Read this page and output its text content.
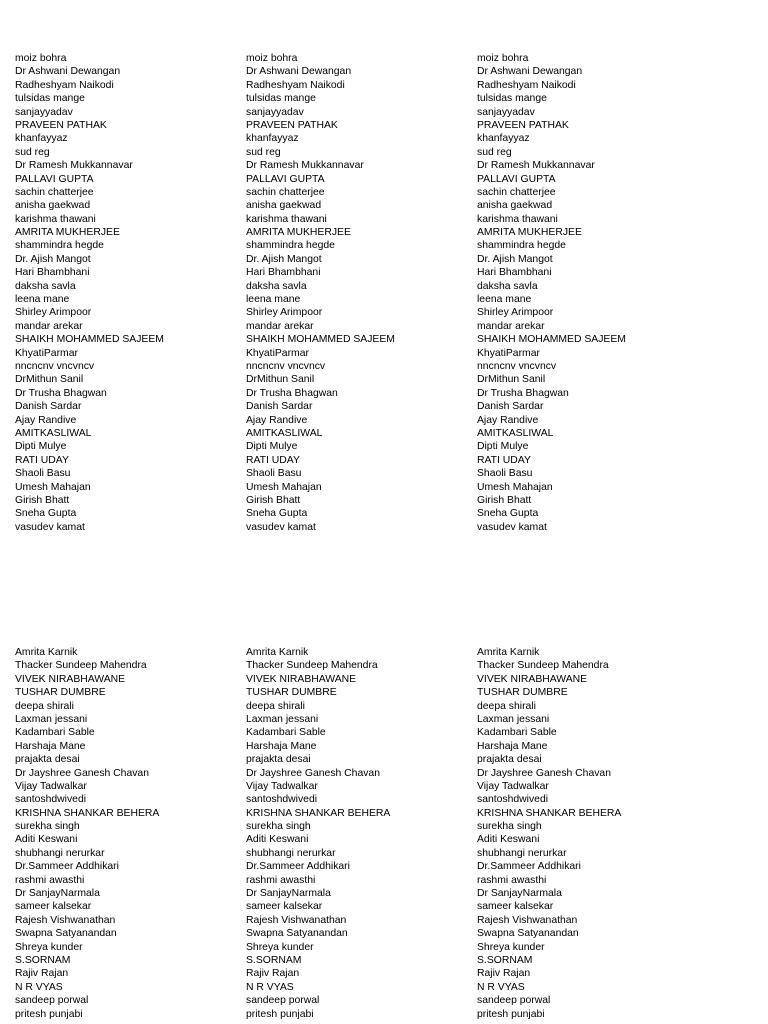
moiz bohra
Dr Ashwani Dewangan
Radheshyam Naikodi
tulsidas mange
sanjayyadav
PRAVEEN PATHAK
khanfayyaz
sud reg
Dr Ramesh Mukkannavar
PALLAVI GUPTA
sachin chatterjee
anisha gaekwad
karishma thawani
AMRITA MUKHERJEE
shammindra hegde
Dr. Ajish Mangot
Hari Bhambhani
daksha savla
leena mane
Shirley Arimpoor
mandar arekar
SHAIKH MOHAMMED SAJEEM
KhyatiParmar
nncncnv vncvncv
DrMithun Sanil
Dr Trusha Bhagwan
Danish Sardar
Ajay Randive
AMITKASLIWAL
Dipti Mulye
RATI UDAY
Shaoli Basu
Umesh Mahajan
Girish Bhatt
Sneha Gupta
vasudev kamat
moiz bohra
Dr Ashwani Dewangan
Radheshyam Naikodi
tulsidas mange
sanjayyadav
PRAVEEN PATHAK
khanfayyaz
sud reg
Dr Ramesh Mukkannavar
PALLAVI GUPTA
sachin chatterjee
anisha gaekwad
karishma thawani
AMRITA MUKHERJEE
shammindra hegde
Dr. Ajish Mangot
Hari Bhambhani
daksha savla
leena mane
Shirley Arimpoor
mandar arekar
SHAIKH MOHAMMED SAJEEM
KhyatiParmar
nncncnv vncvncv
DrMithun Sanil
Dr Trusha Bhagwan
Danish Sardar
Ajay Randive
AMITKASLIWAL
Dipti Mulye
RATI UDAY
Shaoli Basu
Umesh Mahajan
Girish Bhatt
Sneha Gupta
vasudev kamat
moiz bohra
Dr Ashwani Dewangan
Radheshyam Naikodi
tulsidas mange
sanjayyadav
PRAVEEN PATHAK
khanfayyaz
sud reg
Dr Ramesh Mukkannavar
PALLAVI GUPTA
sachin chatterjee
anisha gaekwad
karishma thawani
AMRITA MUKHERJEE
shammindra hegde
Dr. Ajish Mangot
Hari Bhambhani
daksha savla
leena mane
Shirley Arimpoor
mandar arekar
SHAIKH MOHAMMED SAJEEM
KhyatiParmar
nncncnv vncvncv
DrMithun Sanil
Dr Trusha Bhagwan
Danish Sardar
Ajay Randive
AMITKASLIWAL
Dipti Mulye
RATI UDAY
Shaoli Basu
Umesh Mahajan
Girish Bhatt
Sneha Gupta
vasudev kamat
Amrita Karnik
Thacker Sundeep Mahendra
VIVEK NIRABHAWANE
TUSHAR DUMBRE
deepa shirali
Laxman jessani
Kadambari Sable
Harshaja Mane
prajakta desai
Dr Jayshree Ganesh Chavan
Vijay Tadwalkar
santoshdwivedi
KRISHNA SHANKAR BEHERA
surekha singh
Aditi Keswani
shubhangi nerurkar
Dr.Sammeer Addhikari
rashmi awasthi
Dr SanjayNarmala
sameer kalsekar
Rajesh Vishwanathan
Swapna Satyanandan
Shreya kunder
S.SORNAM
Rajiv Rajan
N R VYAS
sandeep porwal
pritesh punjabi
Amrita Karnik
Thacker Sundeep Mahendra
VIVEK NIRABHAWANE
TUSHAR DUMBRE
deepa shirali
Laxman jessani
Kadambari Sable
Harshaja Mane
prajakta desai
Dr Jayshree Ganesh Chavan
Vijay Tadwalkar
santoshdwivedi
KRISHNA SHANKAR BEHERA
surekha singh
Aditi Keswani
shubhangi nerurkar
Dr.Sammeer Addhikari
rashmi awasthi
Dr SanjayNarmala
sameer kalsekar
Rajesh Vishwanathan
Swapna Satyanandan
Shreya kunder
S.SORNAM
Rajiv Rajan
N R VYAS
sandeep porwal
pritesh punjabi
Amrita Karnik
Thacker Sundeep Mahendra
VIVEK NIRABHAWANE
TUSHAR DUMBRE
deepa shirali
Laxman jessani
Kadambari Sable
Harshaja Mane
prajakta desai
Dr Jayshree Ganesh Chavan
Vijay Tadwalkar
santoshdwivedi
KRISHNA SHANKAR BEHERA
surekha singh
Aditi Keswani
shubhangi nerurkar
Dr.Sammeer Addhikari
rashmi awasthi
Dr SanjayNarmala
sameer kalsekar
Rajesh Vishwanathan
Swapna Satyanandan
Shreya kunder
S.SORNAM
Rajiv Rajan
N R VYAS
sandeep porwal
pritesh punjabi
